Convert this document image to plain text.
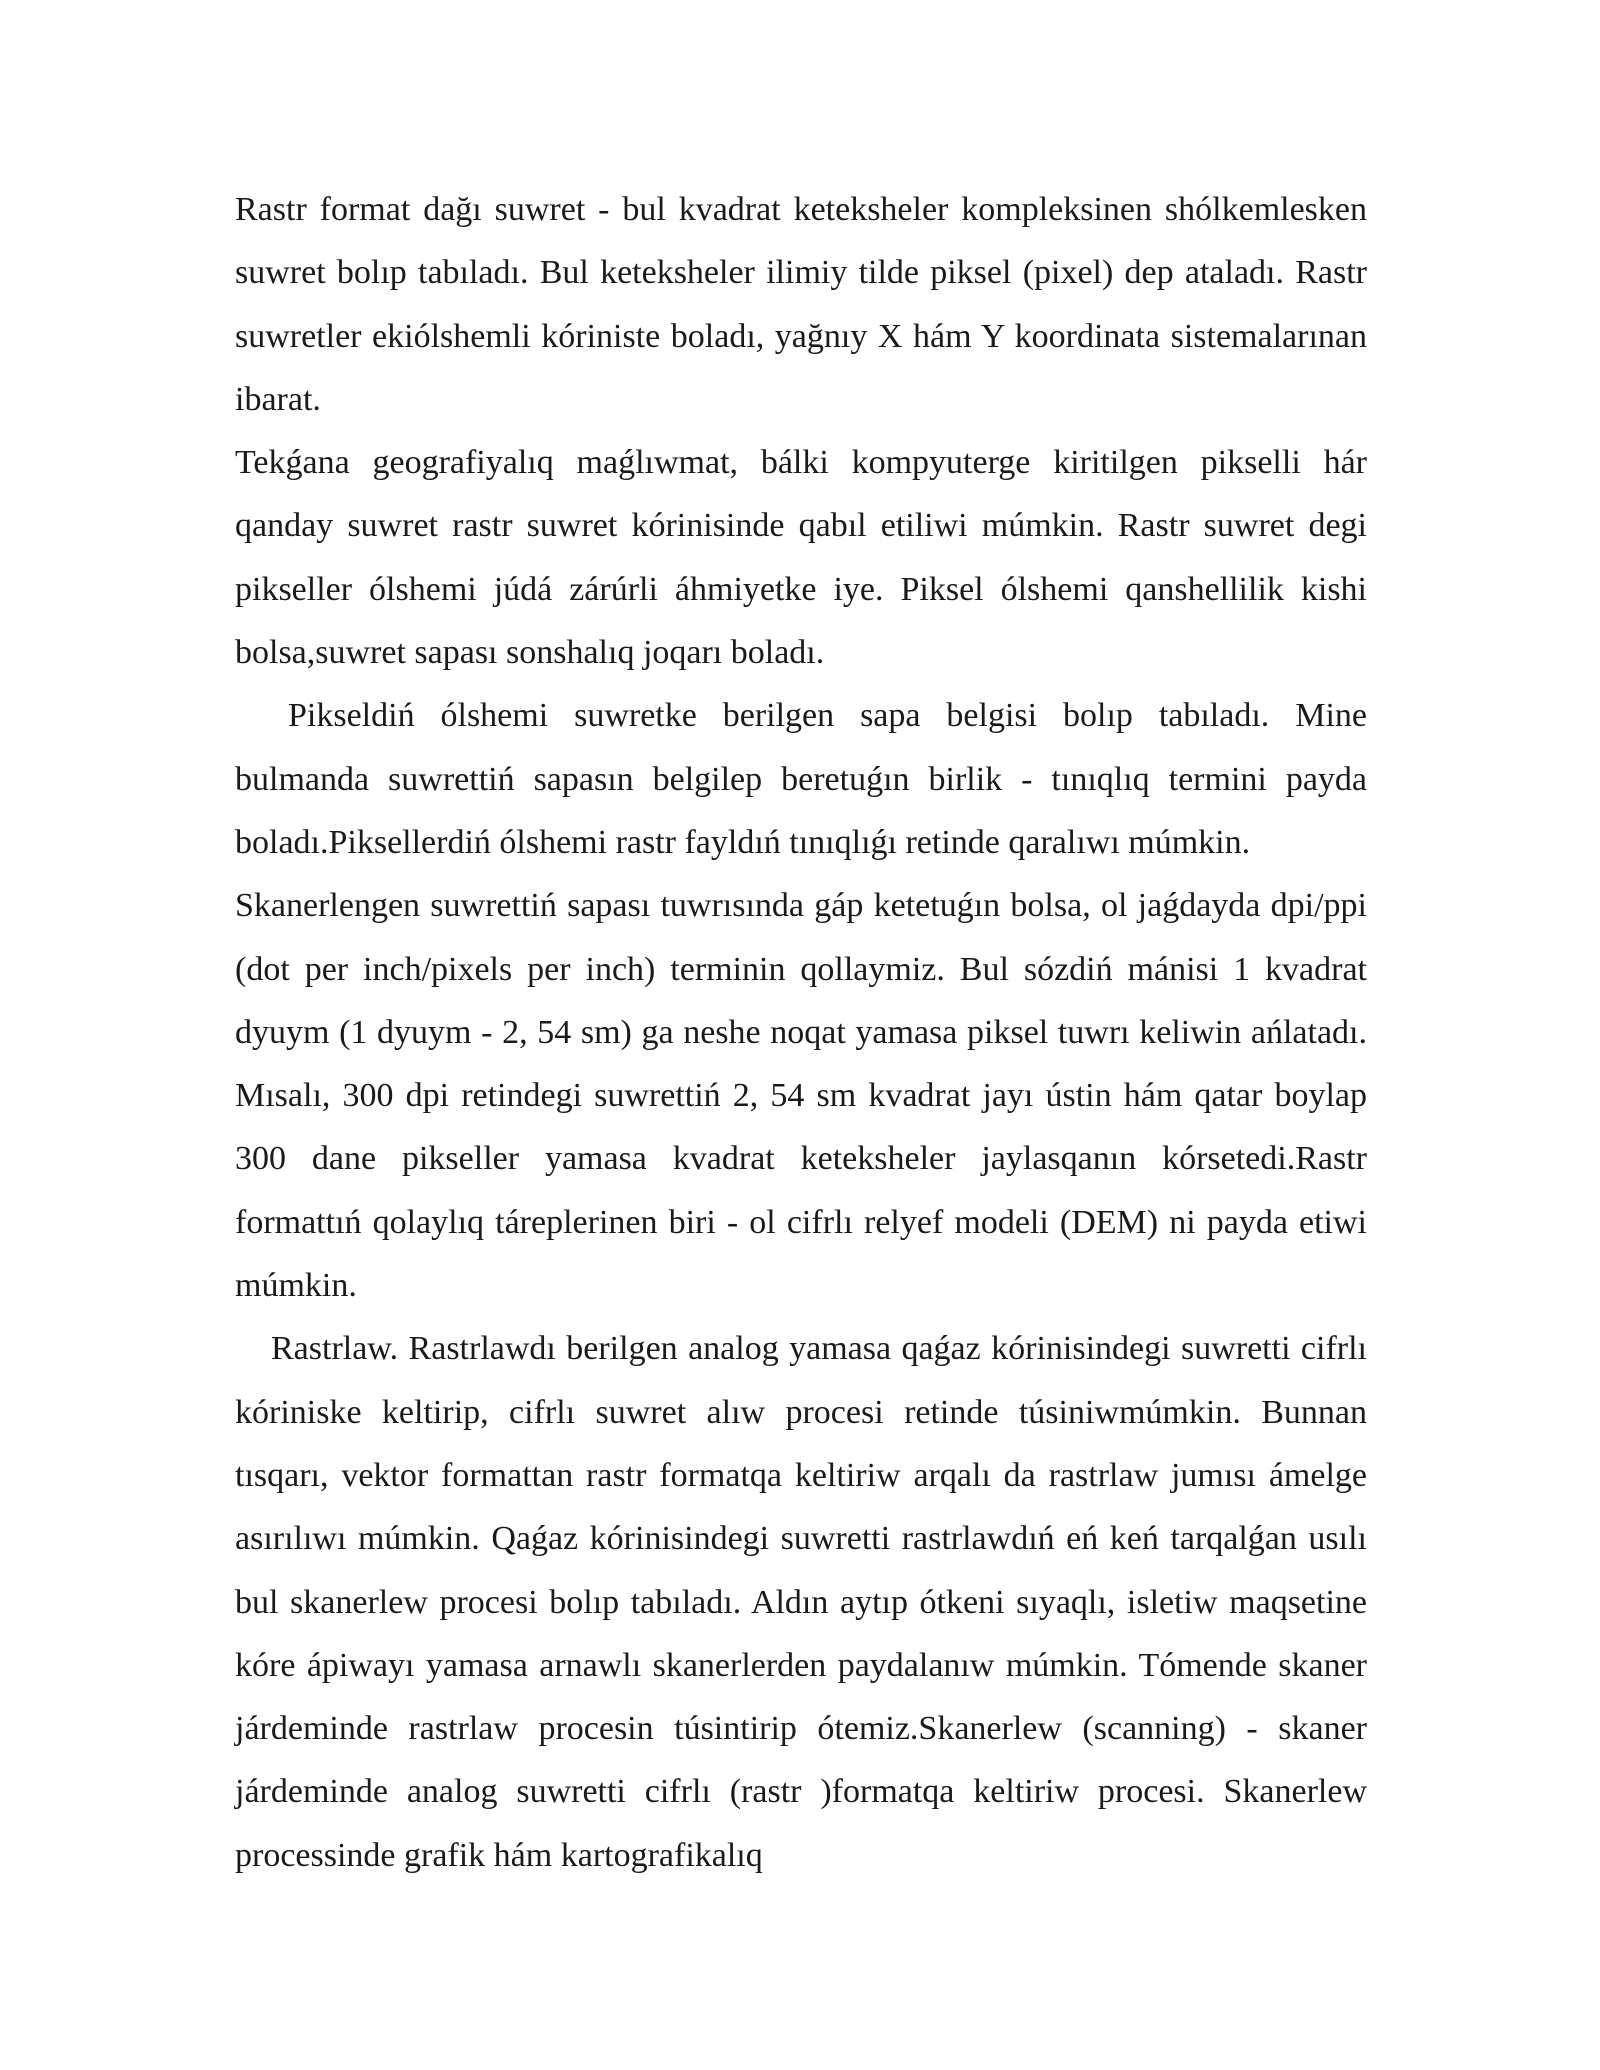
Rastr format dağı suwret - bul kvadrat keteksheler kompleksinen shólkemlesken suwret bolıp tabıladı. Bul keteksheler ilimiy tilde piksel (pixel) dep ataladı. Rastr suwretler ekiólshemli kóriniste boladı, yağnıy X hám Y koordinata sistemalarınan ibarat.

Tekǵana geografiyalıq maǵlıwmat, bálki kompyuterge kiritilgen pikselli hár qanday suwret rastr suwret kórinisinde qabıl etiliwi múmkin. Rastr suwret degi pikseller ólshemi júdá zárúrli áhmiyetke iye. Piksel ólshemi qanshellilik kishi bolsa,suwret sapası sonshalıq joqarı boladı.

Pikseldiń ólshemi suwretke berilgen sapa belgisi bolıp tabıladı. Mine bulmanda suwrettiń sapasın belgilep beretuǵın birlik - tınıqlıq termini payda boladı.Piksellerdiń ólshemi rastr fayldıń tınıqlıǵı retinde qaralıwı múmkin.

Skanerlengen suwrettiń sapası tuwrısında gáp ketetuǵın bolsa, ol jaǵdayda dpi/ppi (dot per inch/pixels per inch) terminin qollaymiz. Bul sózdiń mánisi 1 kvadrat dyuym (1 dyuym - 2, 54 sm) ga neshe noqat yamasa piksel tuwrı keliwin ańlatadı. Mısalı, 300 dpi retindegi suwrettiń 2, 54 sm kvadrat jayı ústin hám qatar boylap 300 dane pikseller yamasa kvadrat keteksheler jaylasqanın kórsetedi.Rastr formattıń qolaylıq táreplerinen biri - ol cifrlı relyef modeli (DEM) ni payda etiwi múmkin.

Rastrlaw. Rastrlawdı berilgen analog yamasa qaǵaz kórinisindegi suwretti cifrlı kóriniske keltirip, cifrlı suwret alıw procesi retinde túsiniwmúmkin. Bunnan tısqarı, vektor formattan rastr formatqa keltiriw arqalı da rastrlaw jumısı ámelge asırılıwı múmkin. Qaǵaz kórinisindegi suwretti rastrlawdıń eń keń tarqalǵan usılı bul skanerlew procesi bolıp tabıladı. Aldın aytıp ótkeni sıyaqlı, isletiw maqsetine kóre ápiwayı yamasa arnawlı skanerlerden paydalanıw múmkin. Tómende skaner járdeminde rastrlaw procesin túsintirip ótemiz.Skanerlew (scanning) - skaner járdeminde analog suwretti cifrlı (rastr )formatqa keltiriw procesi. Skanerlew processinde grafik hám kartografikalıq
